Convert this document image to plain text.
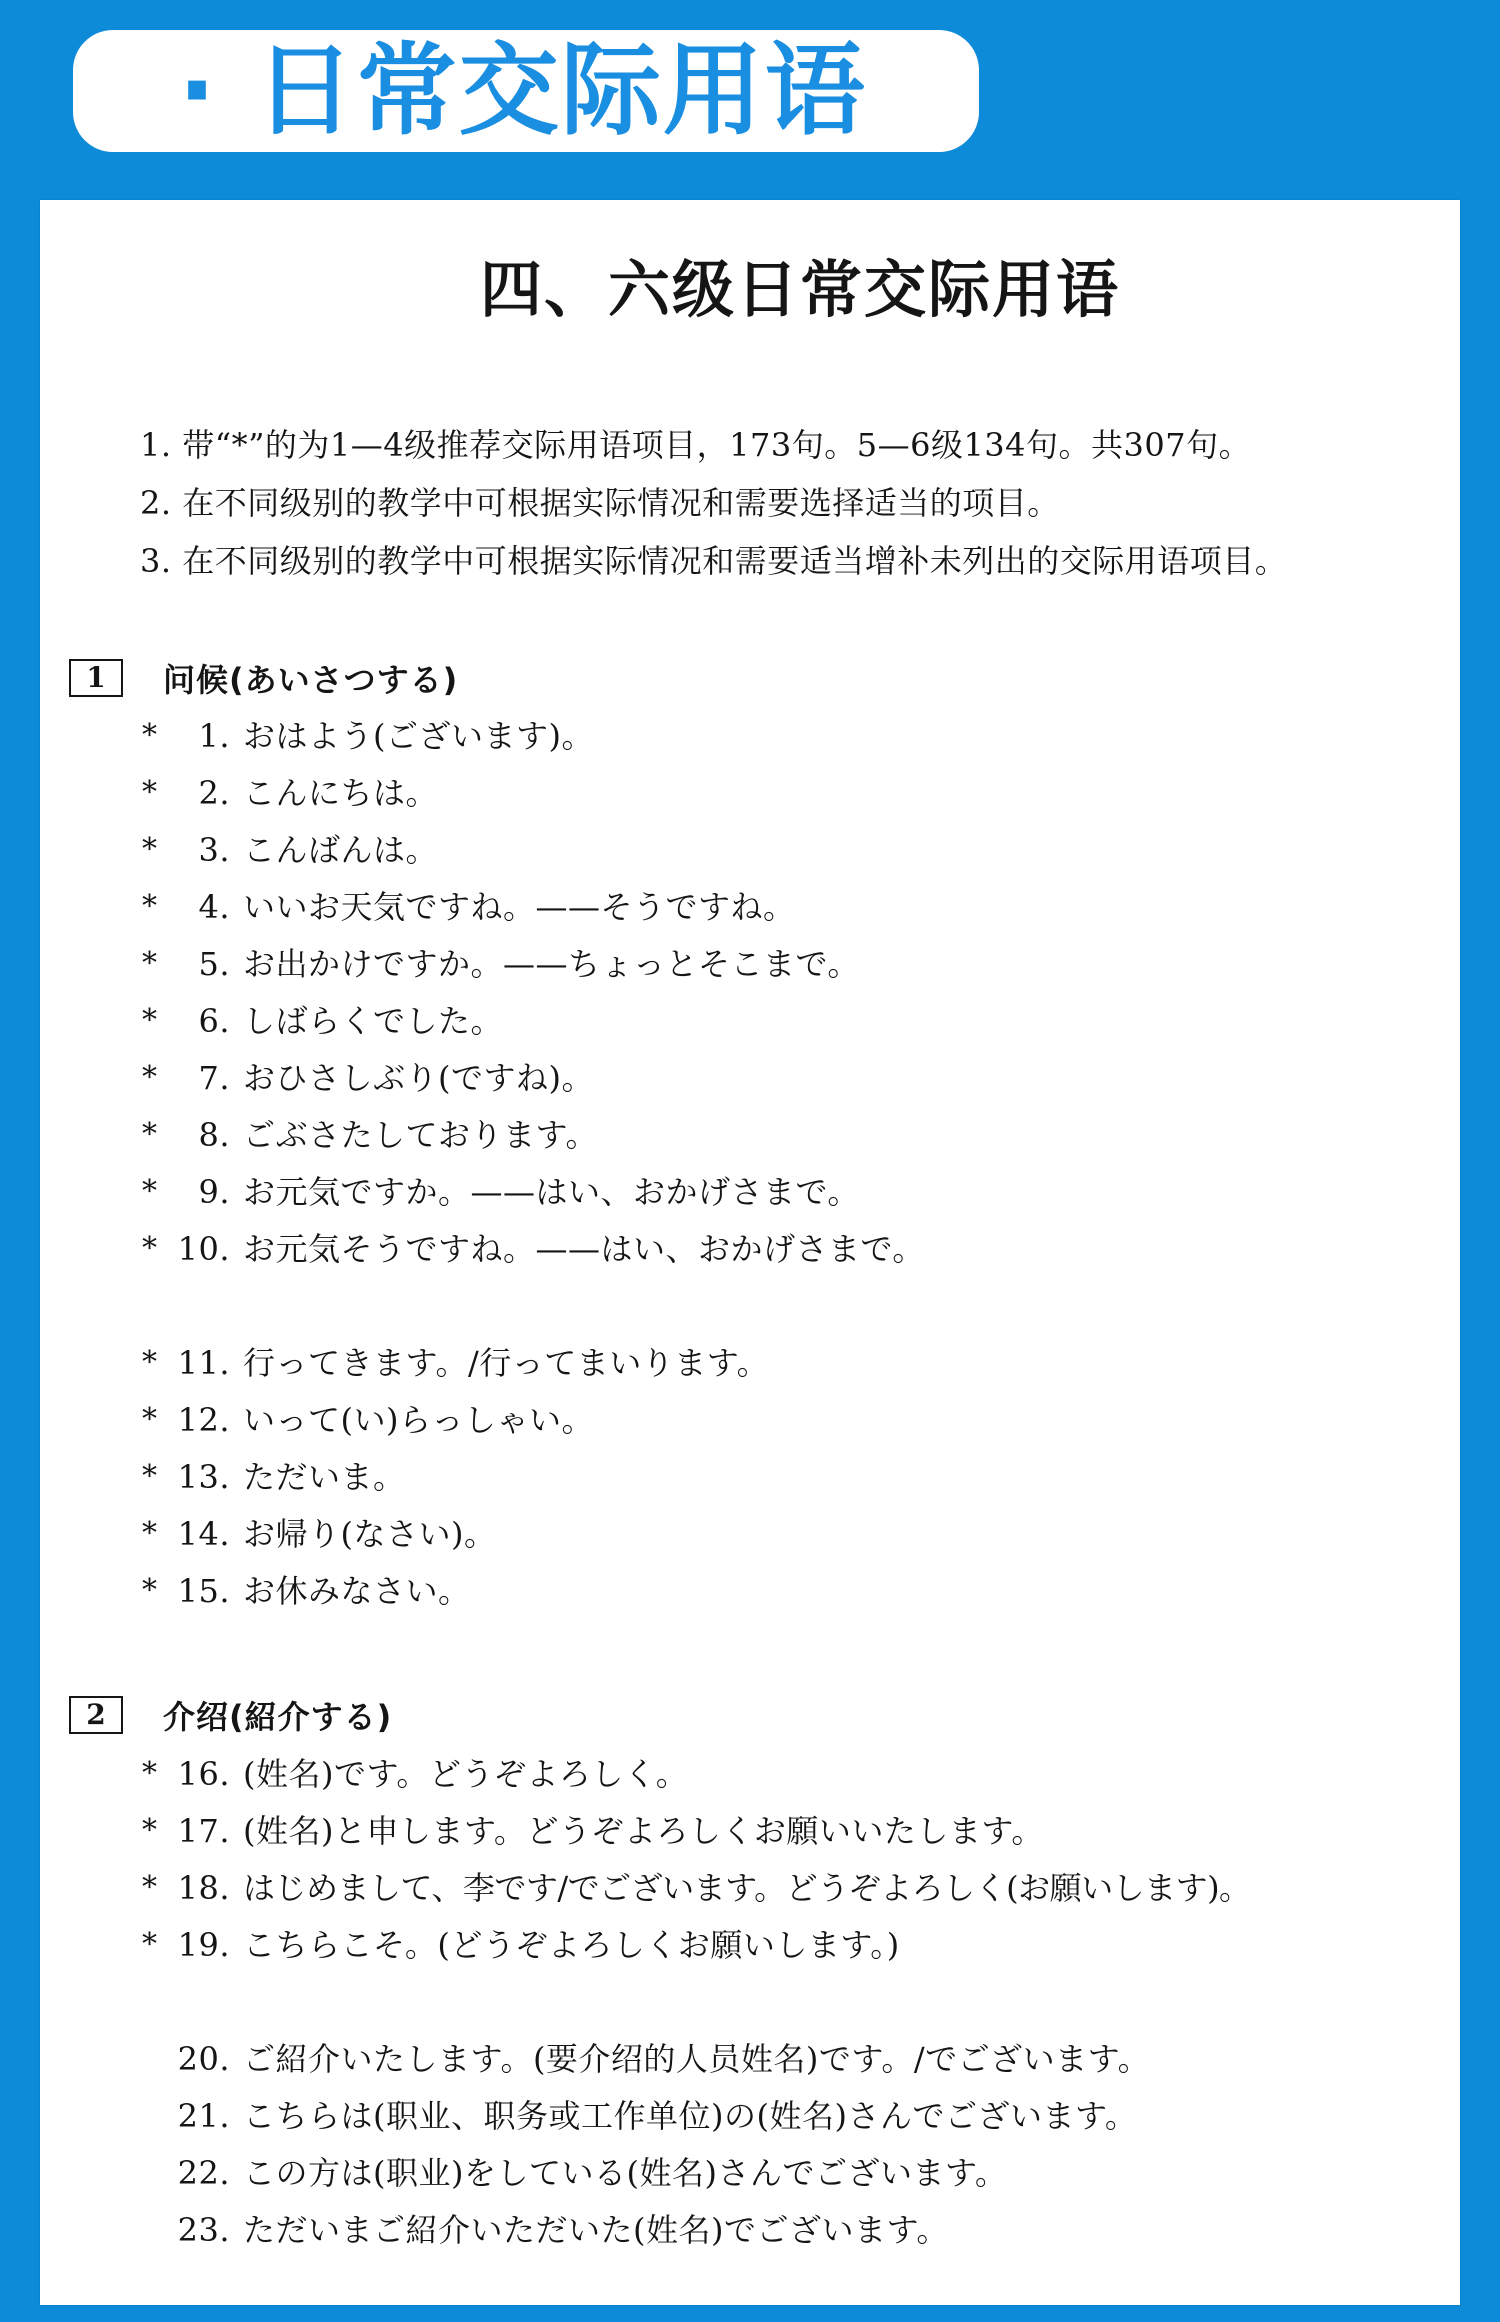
· 日常交际用语
四、六级日常交际用语
1. 带“*”的为1—4级推荐交际用语项目，173句。5—6级134句。共307句。
2. 在不同级别的教学中可根据实际情况和需要选择适当的项目。
3. 在不同级别的教学中可根据实际情况和需要适当增补未列出的交际用语项目。
1	问候(あいさつする)
*	1. おはよう(ございます)。
*	2. こんにちは。
*	3. こんばんは。
*	4. いいお天気ですね。——そうですね。
*	5. お出かけですか。——ちょっとそこまで。
*	6. しばらくでした。
*	7. おひさしぶり(ですね)。
*	8. ごぶさたしております。
*	9. お元気ですか。——はい、おかげさまで。
* 10. お元気そうですね。——はい、おかげさまで。
* 11. 行ってきます。/行ってまいります。
* 12. いって(い)らっしゃい。
* 13. ただいま。
* 14. お帰り(なさい)。
* 15. お休みなさい。
2	介绍(紹介する)
* 16. (姓名)です。どうぞよろしく。
* 17. (姓名)と申します。どうぞよろしくお願いいたします。
* 18. はじめまして、李です/でございます。どうぞよろしく(お願いします)。
* 19. こちらこそ。(どうぞよろしくお願いします。)
20. ご紹介いたします。(要介绍的人员姓名)です。/でございます。
21. こちらは(职业、职务或工作单位)の(姓名)さんでございます。
22. この方は(职业)をしている(姓名)さんでございます。
23. ただいまご紹介いただいた(姓名)でございます。
